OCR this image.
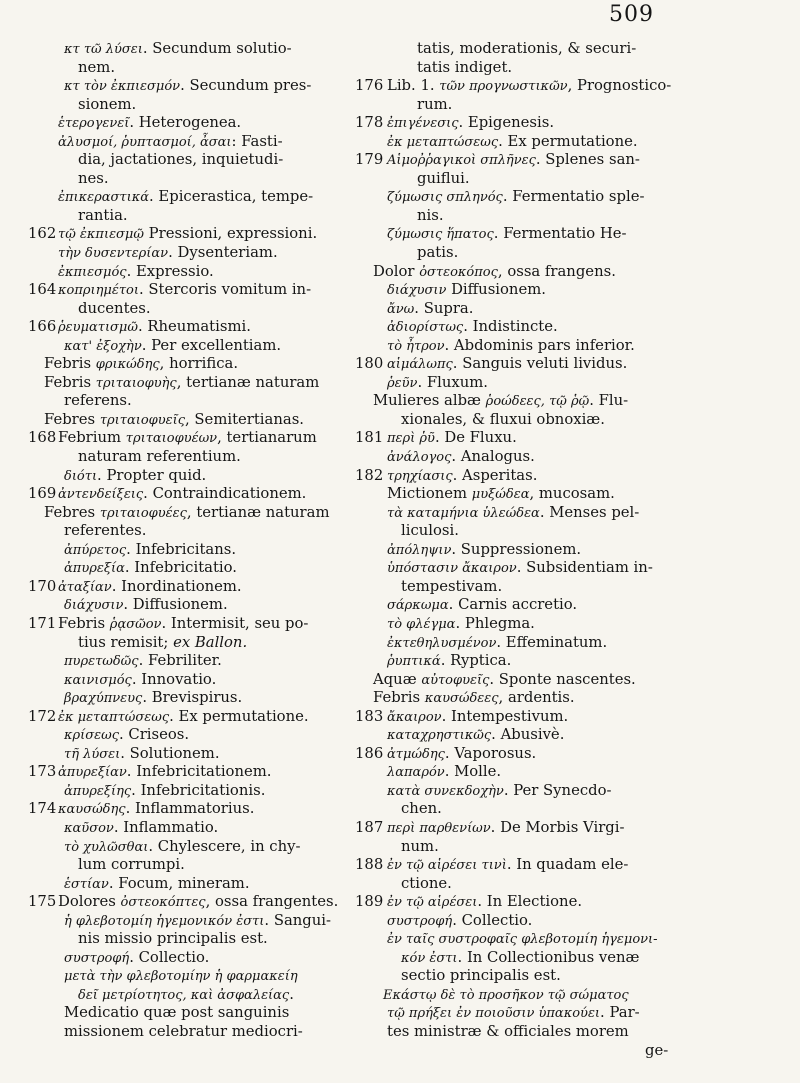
509
κτ τῶ λύσει. Secundum solutio-
nem.
κτ τὸν ἐκπιεσμόν. Secundum pres-
sionem.
ἑτερογενεῖ. Heterogenea.
ἀλυσμοί, ῥυπτασμοί, ἆσαι: Fasti-
dia, jactationes, inquietudi-
nes.
ἐπικεραστικά. Epicerastica, tempe-
rantia.
162 τῷ ἐκπιεσμῷ Pressioni, expressioni.
τὴν δυσεντερίαν. Dysenteriam.
ἐκπιεσμός. Expressio.
164 κοπριημέτοι. Stercoris vomitum in-
ducentes.
166 ῥευματισμῶ. Rheumatismi.
κατ' ἐξοχὴν. Per excellentiam.
Febris φρικώδης, horrifica.
Febris τριταιοφυὴς, tertianæ naturam
referens.
Febres τριταιοφυεῖς, Semitertianas.
168 Febrium τριταιοφυέων, tertianarum
naturam referentium.
διότι. Propter quid.
169 ἀντενδείξεις. Contraindicationem.
Febres τριταιοφυέες, tertianæ naturam
referentes.
ἀπύρετος. Infebricitans.
ἀπυρεξία. Infebricitatio.
170 ἀταξίαν. Inordinationem.
διάχυσιν. Diffusionem.
171 Febris ῥᾳσῶον. Intermisit, seu po-
tius remisit; ex Ballon.
πυρετωδῶς. Febriliter.
καινισμός. Innovatio.
βραχύπνευς. Brevispirus.
172 ἐκ μεταπτώσεως. Ex permutatione.
κρίσεως. Criseos.
τῆ λύσει. Solutionem.
173 ἀπυρεξίαν. Infebricitationem.
ἀπυρεξίης. Infebricitationis.
174 καυσώδης. Inflammatorius.
καῦσον. Inflammatio.
τὸ χυλῶσθαι. Chylescere, in chy-
lum corrumpi.
ἑστίαν. Focum, mineram.
175 Dolores ὀστεοκόπτες, ossa frangentes.
ἡ φλεβοτομίη ἡγεμονικόν ἐστι. Sangui-
nis missio principalis est.
συστροφή. Collectio.
μετὰ τὴν φλεβοτομίην ἡ φαρμακείη
δεῖ μετρίοτητος, καὶ ἀσφαλείας.
Medicatio quæ post sanguinis
missionem celebratur mediocri-
tatis, moderationis, & securi-
tatis indiget.
176 Lib. 1. τῶν προγνωστικῶν, Prognostico-
rum.
178 ἐπιγένεσις. Epigenesis.
ἐκ μεταπτώσεως. Ex permutatione.
179 Αἱμοῤῥαγικοὶ σπλῆνες. Splenes san-
guiflui.
ζύμωσις σπληνός. Fermentatio sple-
nis.
ζύμωσις ἥπατος. Fermentatio He-
patis.
Dolor ὀστεοκόπος, ossa frangens.
διάχυσιν Diffusionem.
ἄνω. Supra.
ἀδιορίστως. Indistincte.
τὸ ἦτρον. Abdominis pars inferior.
180 αἱμάλωπς. Sanguis veluti lividus.
ῥεῦν. Fluxum.
Mulieres albæ ῥοώδεες, τῷ ῥῷ. Flu-
xionales, & fluxui obnoxiæ.
181 περὶ ῥῦ. De Fluxu.
ἀνάλογος. Analogus.
182 τρηχίασις. Asperitas.
Mictionem μυξώδεα, mucosam.
τὰ καταμήνια ὑλεώδεα. Menses pel-
liculosi.
ἀπόληψιν. Suppressionem.
ὑπόστασιν ἄκαιρον. Subsidentiam in-
tempestivam.
σάρκωμα. Carnis accretio.
τὸ φλέγμα. Phlegma.
ἐκτεθηλυσμένον. Effeminatum.
ῥυπτικά. Ryptica.
Aquæ αὐτοφυεῖς. Sponte nascentes.
Febris καυσώδεες, ardentis.
183 ἄκαιρον. Intempestivum.
καταχρηστικῶς. Abusivè.
186 ἀτμώδης. Vaporosus.
λαπαρόν. Molle.
κατὰ συνεκδοχὴν. Per Synecdo-
chen.
187 περὶ παρθενίων. De Morbis Virgi-
num.
188 ἐν τῷ αἱρέσει τινὶ. In quadam ele-
ctione.
189 ἐν τῷ αἱρέσει. In Electione.
συστροφή. Collectio.
ἐν ταῖς συστροφαῖς φλεβοτομίη ἡγεμονι-
κόν ἐστι. In Collectionibus venæ
sectio principalis est.
Εκάστῳ δὲ τὸ προσῆκον τῷ σώματος
τῷ πρήξει ἐν ποιοῦσιν ὑπακούει. Par-
tes ministræ & officiales morem
ge-
